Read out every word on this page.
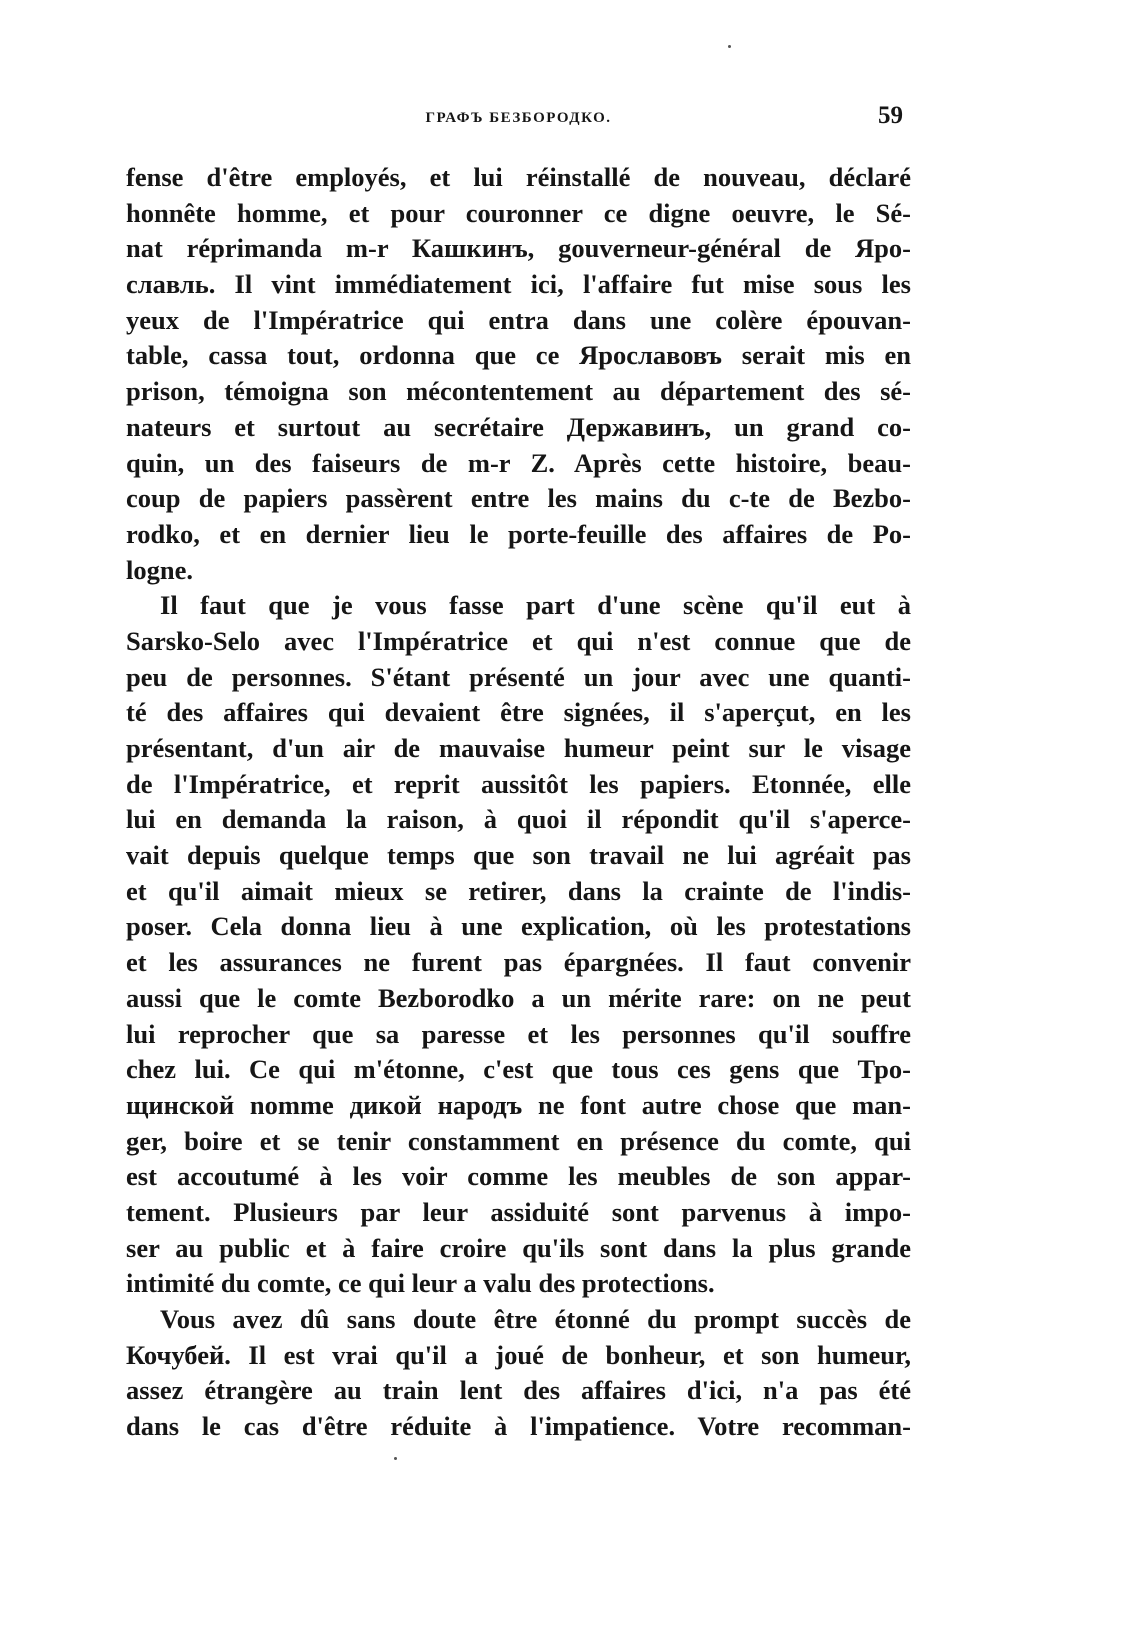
ГРАФЪ БЕЗБОРОДКО.	59
fense d'être employés, et lui réinstallé de nouveau, déclaré
honnête homme, et pour couronner ce digne oeuvre, le Sé-
nat réprimanda m-r Кашкинъ, gouverneur-général de Яро-
славль. Il vint immédiatement ici, l'affaire fut mise sous les
yeux de l'Impératrice qui entra dans une colère épouvan-
table, cassa tout, ordonna que ce Ярославовъ serait mis en
prison, témoigna son mécontentement au département des sé-
nateurs et surtout au secrétaire Державинъ, un grand co-
quin, un des faiseurs de m-r Z. Après cette histoire, beau-
coup de papiers passèrent entre les mains du c-te de Bezbo-
rodko, et en dernier lieu le porte-feuille des affaires de Po-
logne.
Il faut que je vous fasse part d'une scène qu'il eut à
Sarsko-Selo avec l'Impératrice et qui n'est connue que de
peu de personnes. S'étant présenté un jour avec une quanti-
té des affaires qui devaient être signées, il s'aperçut, en les
présentant, d'un air de mauvaise humeur peint sur le visage
de l'Impératrice, et reprit aussitôt les papiers. Etonnée, elle
lui en demanda la raison, à quoi il répondit qu'il s'aperce-
vait depuis quelque temps que son travail ne lui agréait pas
et qu'il aimait mieux se retirer, dans la crainte de l'indis-
poser. Cela donna lieu à une explication, où les protestations
et les assurances ne furent pas épargnées. Il faut convenir
aussi que le comte Bezborodko a un mérite rare: on ne peut
lui reprocher que sa paresse et les personnes qu'il souffre
chez lui. Ce qui m'étonne, c'est que tous ces gens que Тро-
щинской nomme дикой народъ ne font autre chose que man-
ger, boire et se tenir constamment en présence du comte, qui
est accoutumé à les voir comme les meubles de son appar-
tement. Plusieurs par leur assiduité sont parvenus à impo-
ser au public et à faire croire qu'ils sont dans la plus grande
intimité du comte, ce qui leur a valu des protections.
Vous avez dû sans doute être étonné du prompt succès de
Кочубей. Il est vrai qu'il a joué de bonheur, et son humeur,
assez étrangère au train lent des affaires d'ici, n'a pas été
dans le cas d'être réduite à l'impatience. Votre recomman-
